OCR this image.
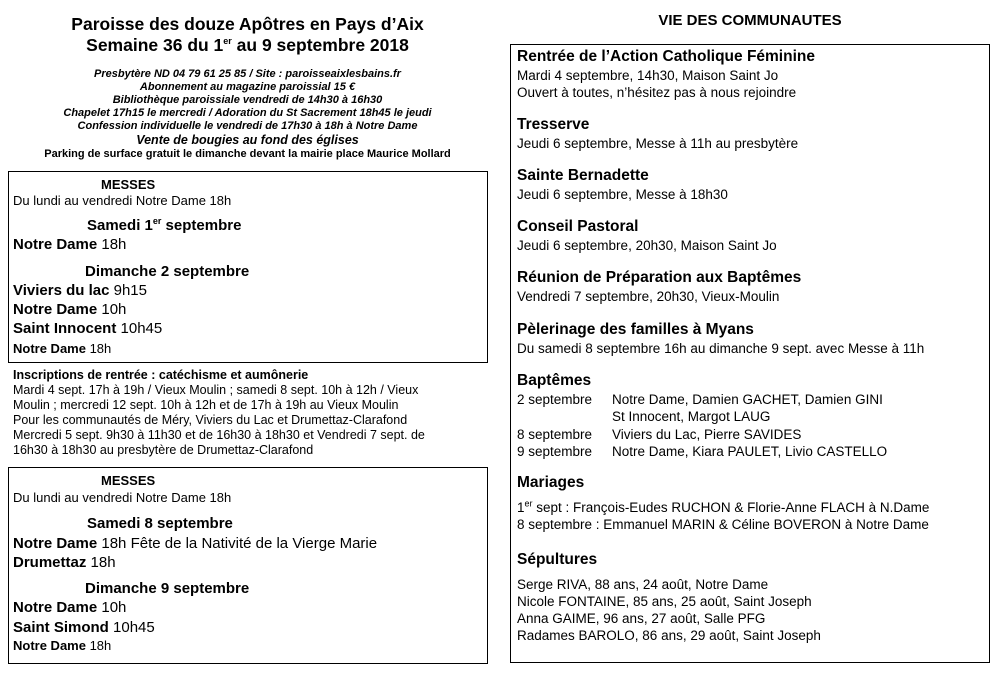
Paroisse des douze Apôtres en Pays d’Aix
Semaine 36 du 1er au 9 septembre 2018
Presbytère ND 04 79 61 25 85 / Site : paroisseaixlesbains.fr
Abonnement au magazine paroissial 15 €
Bibliothèque paroissiale vendredi de 14h30 à 16h30
Chapelet 17h15 le mercredi / Adoration du St Sacrement 18h45 le jeudi
Confession individuelle le vendredi de 17h30 à 18h à Notre Dame
Vente de bougies au fond des églises
Parking de surface gratuit le dimanche devant la mairie place Maurice Mollard
MESSES
Du lundi au vendredi Notre Dame 18h
Samedi 1er septembre
Notre Dame 18h
Dimanche 2 septembre
Viviers du lac 9h15
Notre Dame 10h
Saint Innocent 10h45
Notre Dame 18h
Inscriptions de rentrée : catéchisme et aumônerie
Mardi 4 sept. 17h à 19h / Vieux Moulin ; samedi 8 sept. 10h à 12h / Vieux
Moulin ; mercredi 12 sept. 10h à 12h et de 17h à 19h au Vieux Moulin
Pour les communautés de Méry, Viviers du Lac et Drumettaz-Clarafond
Mercredi 5 sept. 9h30 à 11h30 et de 16h30 à 18h30 et Vendredi 7 sept. de
16h30 à 18h30 au presbytère de Drumettaz-Clarafond
MESSES
Du lundi au vendredi Notre Dame 18h
Samedi 8 septembre
Notre Dame 18h Fête de la Nativité de la Vierge Marie
Drumettaz 18h
Dimanche 9 septembre
Notre Dame 10h
Saint Simond 10h45
Notre Dame 18h
VIE DES COMMUNAUTES
Rentrée de l’Action Catholique Féminine
Mardi 4 septembre, 14h30, Maison Saint Jo
Ouvert à toutes, n’hésitez pas à nous rejoindre
Tresserve
Jeudi 6 septembre, Messe à 11h au presbytère
Sainte Bernadette
Jeudi 6 septembre, Messe à 18h30
Conseil Pastoral
Jeudi 6 septembre, 20h30, Maison Saint Jo
Réunion de Préparation aux Baptêmes
Vendredi 7 septembre, 20h30, Vieux-Moulin
Pèlerinage des familles à Myans
Du samedi 8 septembre 16h au dimanche 9 sept. avec Messe à 11h
Baptêmes
2 septembre Notre Dame, Damien GACHET, Damien GINI
St Innocent, Margot LAUG
8 septembre Viviers du Lac, Pierre SAVIDES
9 septembre Notre Dame, Kiara PAULET, Livio CASTELLO
Mariages
1er sept : François-Eudes RUCHON & Florie-Anne FLACH à N.Dame
8 septembre : Emmanuel MARIN & Céline BOVERON à Notre Dame
Sépultures
Serge RIVA, 88 ans, 24 août, Notre Dame
Nicole FONTAINE, 85 ans, 25 août, Saint Joseph
Anna GAIME, 96 ans, 27 août, Salle PFG
Radames BAROLO, 86 ans, 29 août, Saint Joseph
